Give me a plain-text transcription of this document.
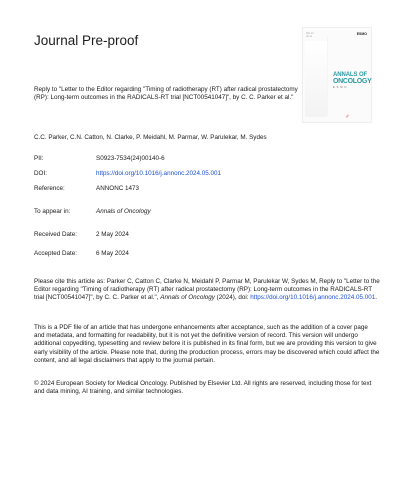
Journal Pre-proof	Vol. xx
no xx
ESMO
ANNALS OF
ONCOLOGY
E S M O
♂
Reply to "Letter to the Editor regarding "Timing of radiotherapy (RT) after radical prostatectomy (RP): Long-term outcomes in the RADICALS-RT trial [NCT00541047]", by C. C. Parker et al."
C.C. Parker, C.N. Catton, N. Clarke, P. Meidahl, M. Parmar, W. Parulekar, M. Sydes
PII:	S0923-7534(24)00140-6
DOI:	https://doi.org/10.1016/j.annonc.2024.05.001
Reference:	ANNONC 1473
To appear in:	Annals of Oncology
Received Date:	2 May 2024
Accepted Date:	6 May 2024
Please cite this article as: Parker C, Catton C, Clarke N, Meidahl P, Parmar M, Parulekar W, Sydes M, Reply to "Letter to the Editor regarding "Timing of radiotherapy (RT) after radical prostatectomy (RP): Long-term outcomes in the RADICALS-RT trial [NCT00541047]", by C. C. Parker et al.", Annals of Oncology (2024), doi: https://doi.org/10.1016/j.annonc.2024.05.001.
This is a PDF file of an article that has undergone enhancements after acceptance, such as the addition of a cover page and metadata, and formatting for readability, but it is not yet the definitive version of record. This version will undergo additional copyediting, typesetting and review before it is published in its final form, but we are providing this version to give early visibility of the article. Please note that, during the production process, errors may be discovered which could affect the content, and all legal disclaimers that apply to the journal pertain.
© 2024 European Society for Medical Oncology. Published by Elsevier Ltd. All rights are reserved, including those for text and data mining, AI training, and similar technologies.
